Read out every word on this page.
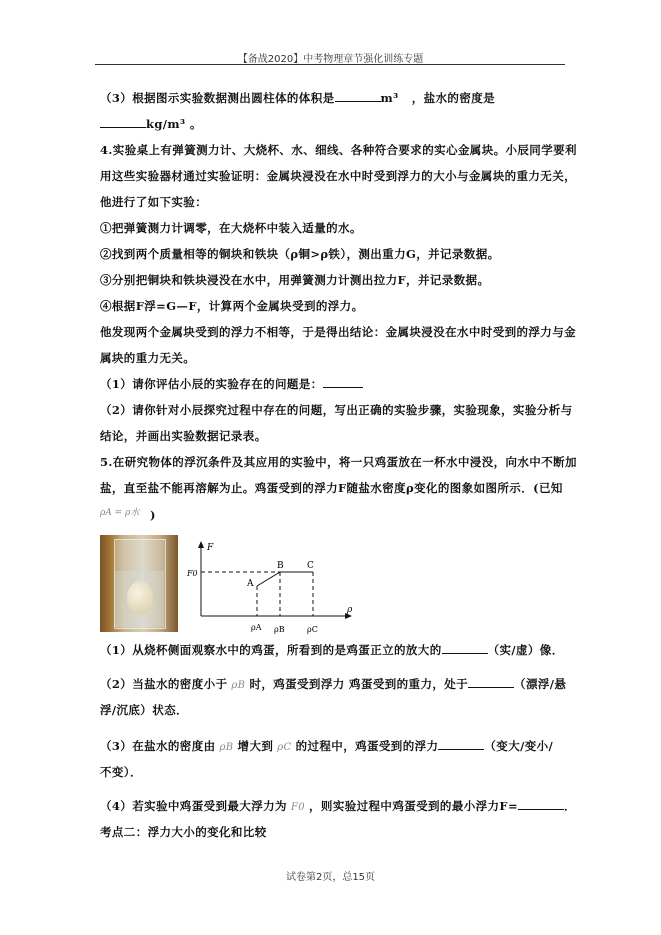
【备战2020】中考物理章节强化训练专题
（3）根据图示实验数据测出圆柱体的体积是	m³ ，盐水的密度是
kg/m³ 。
4.实验桌上有弹簧测力计、大烧杯、水、细线、各种符合要求的实心金属块。小辰同学要利
用这些实验器材通过实验证明：金属块浸没在水中时受到浮力的大小与金属块的重力无关，
他进行了如下实验：
①把弹簧测力计调零，在大烧杯中装入适量的水。
②找到两个质量相等的铜块和铁块（ρ铜>ρ铁），测出重力G，并记录数据。
③分别把铜块和铁块浸没在水中，用弹簧测力计测出拉力F，并记录数据。
④根据F浮=G—F，计算两个金属块受到的浮力。
他发现两个金属块受到的浮力不相等，于是得出结论：金属块浸没在水中时受到的浮力与金
属块的重力无关。
（1）请你评估小辰的实验存在的问题是：
（2）请你针对小辰探究过程中存在的问题，写出正确的实验步骤，实验现象，实验分析与
结论，并画出实验数据记录表。
5.在研究物体的浮沉条件及其应用的实验中，将一只鸡蛋放在一杯水中浸没，向水中不断加
盐，直至盐不能再溶解为止。鸡蛋受到的浮力F随盐水密度ρ变化的图象如图所示．(已知
ρA = ρ水 )
F
ρ
F0
A
B	C
ρA ρB	ρC
（1）从烧杯侧面观察水中的鸡蛋，所看到的是鸡蛋正立的放大的	（实/虚）像．
（2）当盐水的密度小于 ρB 时，鸡蛋受到浮力 鸡蛋受到的重力，处于	（漂浮/悬
浮/沉底）状态．
（3）在盐水的密度由 ρB 增大到 ρC 的过程中，鸡蛋受到的浮力	（变大/变小/
不变）．
（4）若实验中鸡蛋受到最大浮力为 F0 ，则实验过程中鸡蛋受到的最小浮力F=	．
考点二：浮力大小的变化和比较
试卷第2页，总15页
